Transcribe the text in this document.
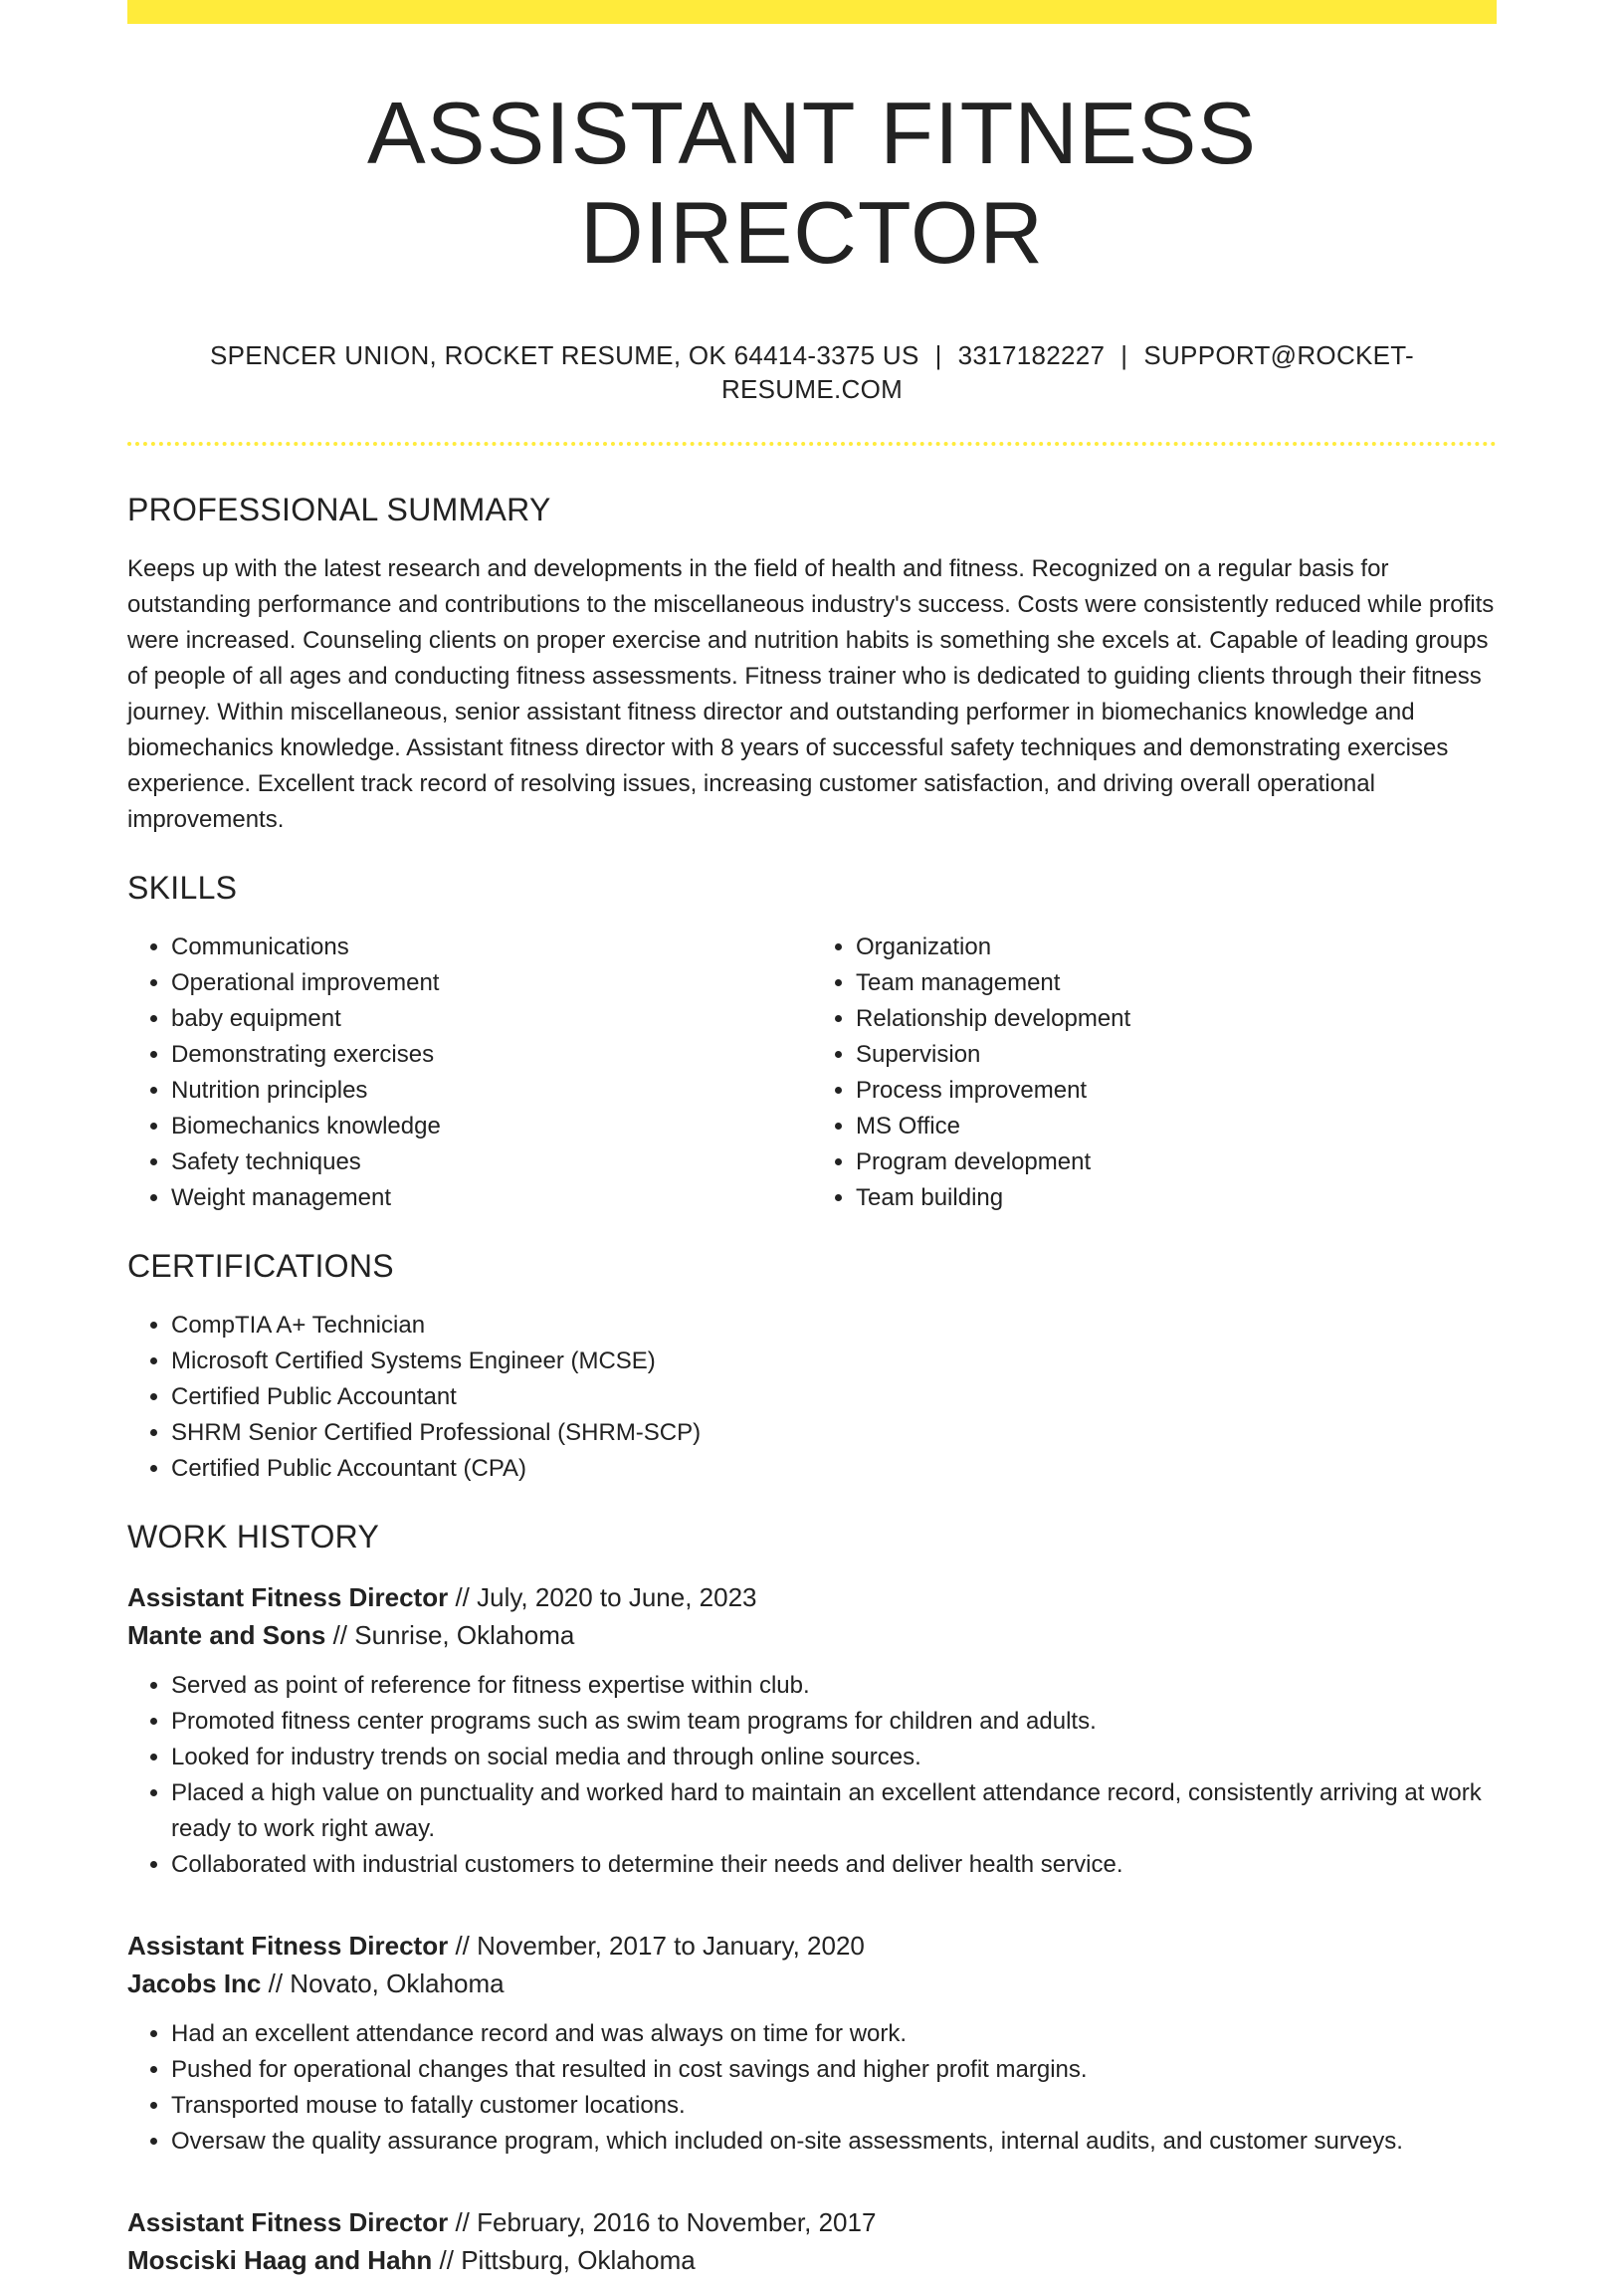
ASSISTANT FITNESS DIRECTOR
SPENCER UNION, ROCKET RESUME, OK 64414-3375 US | 3317182227 | SUPPORT@ROCKET-RESUME.COM
PROFESSIONAL SUMMARY

Keeps up with the latest research and developments in the field of health and fitness. Recognized on a regular basis for outstanding performance and contributions to the miscellaneous industry's success. Costs were consistently reduced while profits were increased. Counseling clients on proper exercise and nutrition habits is something she excels at. Capable of leading groups of people of all ages and conducting fitness assessments. Fitness trainer who is dedicated to guiding clients through their fitness journey. Within miscellaneous, senior assistant fitness director and outstanding performer in biomechanics knowledge and biomechanics knowledge. Assistant fitness director with 8 years of successful safety techniques and demonstrating exercises experience. Excellent track record of resolving issues, increasing customer satisfaction, and driving overall operational improvements.

SKILLS
• Communications
• Operational improvement
• baby equipment
• Demonstrating exercises
• Nutrition principles
• Biomechanics knowledge
• Safety techniques
• Weight management
• Organization
• Team management
• Relationship development
• Supervision
• Process improvement
• MS Office
• Program development
• Team building
CERTIFICATIONS
• CompTIA A+ Technician
• Microsoft Certified Systems Engineer (MCSE)
• Certified Public Accountant
• SHRM Senior Certified Professional (SHRM-SCP)
• Certified Public Accountant (CPA)
WORK HISTORY
Assistant Fitness Director // July, 2020 to June, 2023
Mante and Sons // Sunrise, Oklahoma
• Served as point of reference for fitness expertise within club.
• Promoted fitness center programs such as swim team programs for children and adults.
• Looked for industry trends on social media and through online sources.
• Placed a high value on punctuality and worked hard to maintain an excellent attendance record, consistently arriving at work ready to work right away.
• Collaborated with industrial customers to determine their needs and deliver health service.
Assistant Fitness Director // November, 2017 to January, 2020
Jacobs Inc // Novato, Oklahoma
• Had an excellent attendance record and was always on time for work.
• Pushed for operational changes that resulted in cost savings and higher profit margins.
• Transported mouse to fatally customer locations.
• Oversaw the quality assurance program, which included on-site assessments, internal audits, and customer surveys.
Assistant Fitness Director // February, 2016 to November, 2017
Mosciski Haag and Hahn // Pittsburg, Oklahoma
